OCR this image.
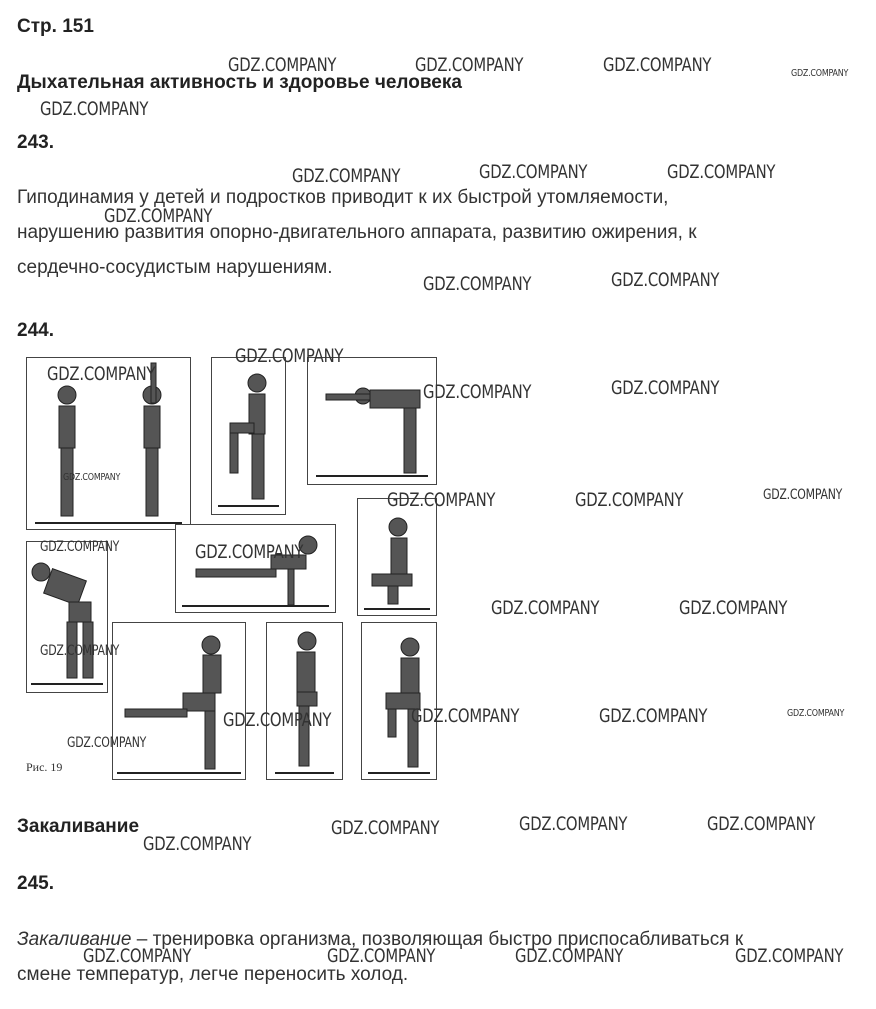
Стр. 151
Дыхательная активность и здоровье человека
243.
Гиподинамия у детей и подростков приводит к их быстрой утомляемости,
нарушению развития опорно-двигательного аппарата, развитию ожирения, к
сердечно-сосудистым нарушениям.
244.
Рис. 19
Закаливание
245.
Закаливание – тренировка организма, позволяющая быстро приспосабливаться к
смене температур, легче переносить холод.
GDZ.COMPANY	GDZ.COMPANY	GDZ.COMPANY	GDZ.COMPANY
GDZ.COMPANY
GDZ.COMPANY	GDZ.COMPANY	GDZ.COMPANY
GDZ.COMPANY
GDZ.COMPANY	GDZ.COMPANY
GDZ.COMPANY
GDZ.COMPANY
GDZ.COMPANY	GDZ.COMPANY
GDZ.COMPANY
GDZ.COMPANY	GDZ.COMPANY	GDZ.COMPANY
GDZ.COMPANY	GDZ.COMPANY
GDZ.COMPANY	GDZ.COMPANY
GDZ.COMPANY
GDZ.COMPANY	GDZ.COMPANY	GDZ.COMPANY	GDZ.COMPANY
GDZ.COMPANY
GDZ.COMPANY	GDZ.COMPANY	GDZ.COMPANY
GDZ.COMPANY
GDZ.COMPANY	GDZ.COMPANY	GDZ.COMPANY	GDZ.COMPANY
